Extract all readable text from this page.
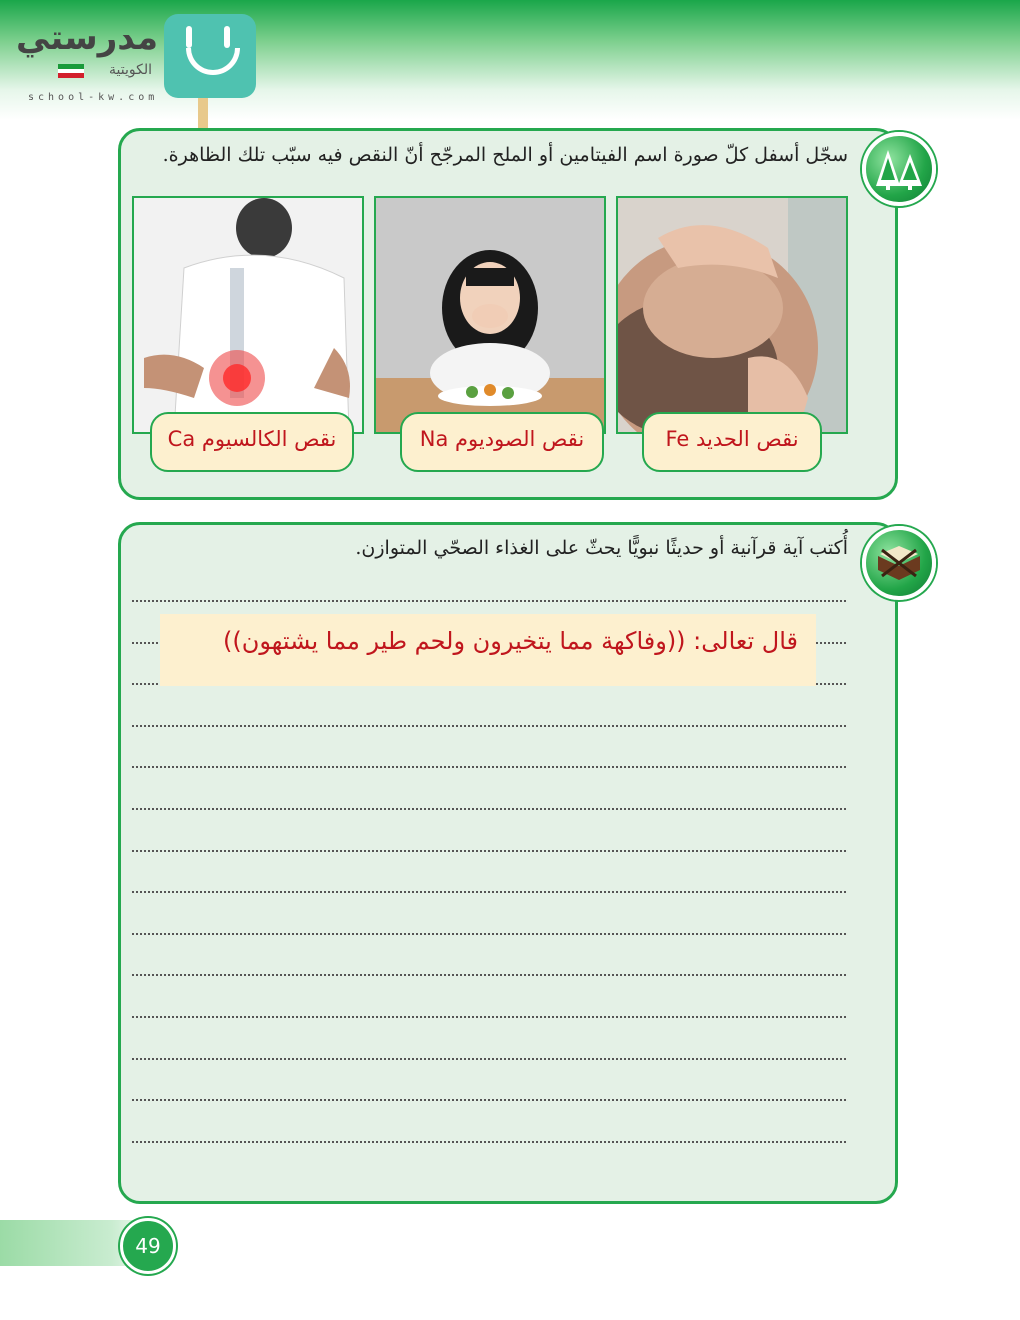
مدرستي
الكويتية
school-kw.com
سجّل أسفل كلّ صورة اسم الفيتامين أو الملح المرجّح أنّ النقص فيه سبّب تلك الظاهرة.
نقص الحديد Fe
نقص الصوديوم Na
نقص الكالسيوم Ca
أُكتب آية قرآنية أو حديثًا نبويًّا يحثّ على الغذاء الصحّي المتوازن.
قال تعالى: ((وفاكهة مما يتخيرون ولحم طير مما يشتهون))
49
